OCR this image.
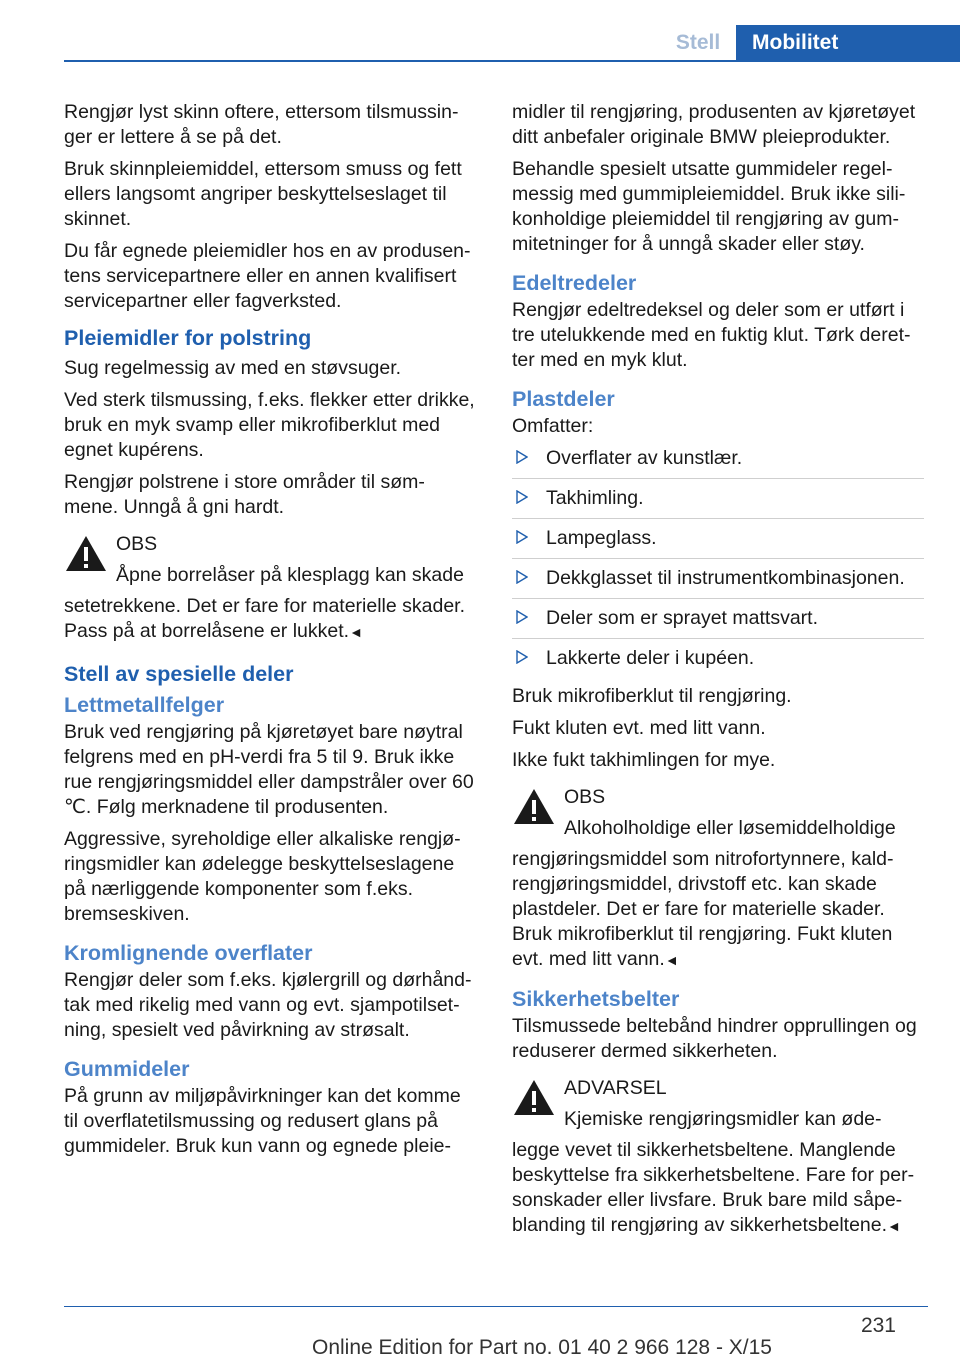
Stell	Mobilitet

Rengjør lyst skinn oftere, ettersom tilsmussin-ger er lettere å se på det.

Bruk skinnpleiemiddel, ettersom smuss og fett ellers langsomt angriper beskyttelseslaget til skinnet.

Du får egnede pleiemidler hos en av produsen-tens servicepartnere eller en annen kvalifisert servicepartner eller fagverksted.

Pleiemidler for polstring

Sug regelmessig av med en støvsuger.

Ved sterk tilsmussing, f.eks. flekker etter drikke, bruk en myk svamp eller mikrofiberklut med egnet kupérens.

Rengjør polstrene i store områder til søm-mene. Unngå å gni hardt.

OBS

Åpne borrelåser på klesplagg kan skade

setetrekkene. Det er fare for materielle skader. Pass på at borrelåsene er lukket.◄

Stell av spesielle deler
Lettmetallfelger

Bruk ved rengjøring på kjøretøyet bare nøytral felgrens med en pH-verdi fra 5 til 9. Bruk ikke rue rengjøringsmiddel eller dampstråler over 60 ℃. Følg merknadene til produsenten.

Aggressive, syreholdige eller alkaliske rengjø-ringsmidler kan ødelegge beskyttelseslagene på nærliggende komponenter som f.eks. bremseskiven.

Kromlignende overflater

Rengjør deler som f.eks. kjølergrill og dørhånd-tak med rikelig med vann og evt. sjampotilset-ning, spesielt ved påvirkning av strøsalt.

Gummideler

På grunn av miljøpåvirkninger kan det komme til overflatetilsmussing og redusert glans på gummideler. Bruk kun vann og egnede pleie-

midler til rengjøring, produsenten av kjøretøyet ditt anbefaler originale BMW pleieprodukter.

Behandle spesielt utsatte gummideler regel-messig med gummipleiemiddel. Bruk ikke sili-konholdige pleiemiddel til rengjøring av gum-mitetninger for å unngå skader eller støy.

Edeltredeler

Rengjør edeltredeksel og deler som er utført i tre utelukkende med en fuktig klut. Tørk deret-ter med en myk klut.

Plastdeler

Omfatter:

Overflater av kunstlær.
Takhimling.
Lampeglass.
Dekkglasset til instrumentkombinasjonen.
Deler som er sprayet mattsvart.
Lakkerte deler i kupéen.

Bruk mikrofiberklut til rengjøring.

Fukt kluten evt. med litt vann.

Ikke fukt takhimlingen for mye.

OBS

Alkoholholdige eller løsemiddelholdige

rengjøringsmiddel som nitrofortynnere, kald-rengjøringsmiddel, drivstoff etc. kan skade plastdeler. Det er fare for materielle skader. Bruk mikrofiberklut til rengjøring. Fukt kluten evt. med litt vann.◄

Sikkerhetsbelter

Tilsmussede beltebånd hindrer opprullingen og reduserer dermed sikkerheten.

ADVARSEL

Kjemiske rengjøringsmidler kan øde-

legge vevet til sikkerhetsbeltene. Manglende beskyttelse fra sikkerhetsbeltene. Fare for per-sonskader eller livsfare. Bruk bare mild såpe-blanding til rengjøring av sikkerhetsbeltene.◄

231
Online Edition for Part no. 01 40 2 966 128 - X/15
